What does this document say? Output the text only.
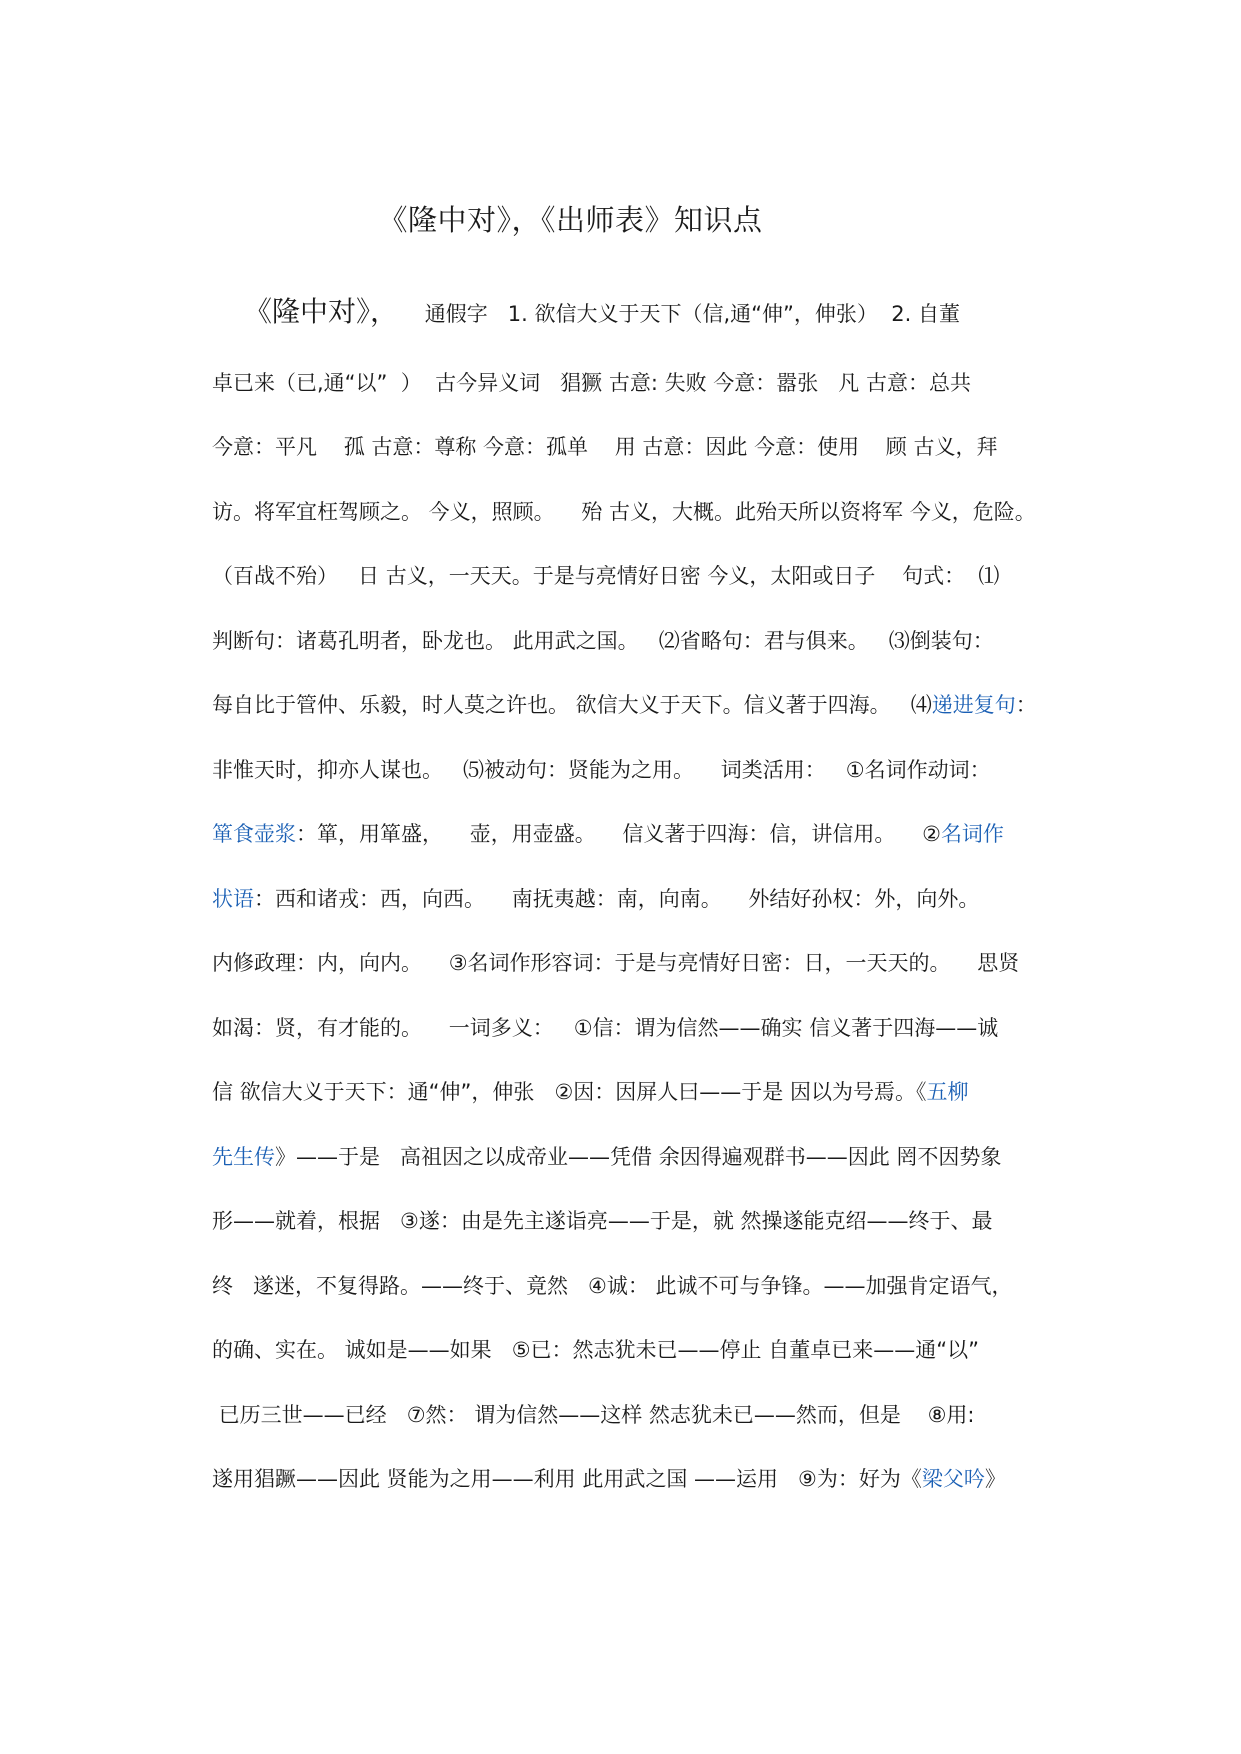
《隆中对》，《出师表》知识点
《隆中对》，    通假字   1. 欲信大义于天下（信,通“伸”，伸张）  2. 自董
卓已来（已,通“以”  ）  古今异义词   猖獗 古意: 失败 今意：嚣张   凡 古意：总共
今意：平凡    孤 古意：尊称 今意：孤单    用 古意：因此 今意：使用    顾 古义，拜
访。将军宜枉驾顾之。 今义，照顾。    殆 古义，大概。此殆天所以资将军 今义，危险。
（百战不殆）   日 古义，一天天。于是与亮情好日密 今义，太阳或日子    句式：  ⑴
判断句：诸葛孔明者，卧龙也。 此用武之国。   ⑵省略句：君与俱来。   ⑶倒装句：
每自比于管仲、乐毅，时人莫之许也。 欲信大义于天下。信义著于四海。   ⑷递进复句：
非惟天时，抑亦人谋也。   ⑸被动句：贤能为之用。    词类活用：   ①名词作动词：
箪食壶浆：箪，用箪盛，    壶，用壶盛。    信义著于四海：信，讲信用。    ②名词作
状语：西和诸戎：西，向西。    南抚夷越：南，向南。    外结好孙权：外，向外。
内修政理：内，向内。    ③名词作形容词：于是与亮情好日密：日，一天天的。    思贤
如渴：贤，有才能的。    一词多义：   ①信：谓为信然——确实 信义著于四海——诚
信 欲信大义于天下：通“伸”，伸张   ②因：因屏人曰——于是 因以为号焉。《五柳
先生传》——于是   高祖因之以成帝业——凭借 余因得遍观群书——因此 罔不因势象
形——就着，根据   ③遂：由是先主遂诣亮——于是，就 然操遂能克绍——终于、最
终   遂迷，不复得路。——终于、竟然   ④诚： 此诚不可与争锋。——加强肯定语气，
的确、实在。 诚如是——如果   ⑤已：然志犹未已——停止 自董卓已来——通“以”
已历三世——已经   ⑦然： 谓为信然——这样 然志犹未已——然而，但是    ⑧用:
遂用猖蹶——因此 贤能为之用——利用 此用武之国 ——运用   ⑨为：好为《梁父吟》
